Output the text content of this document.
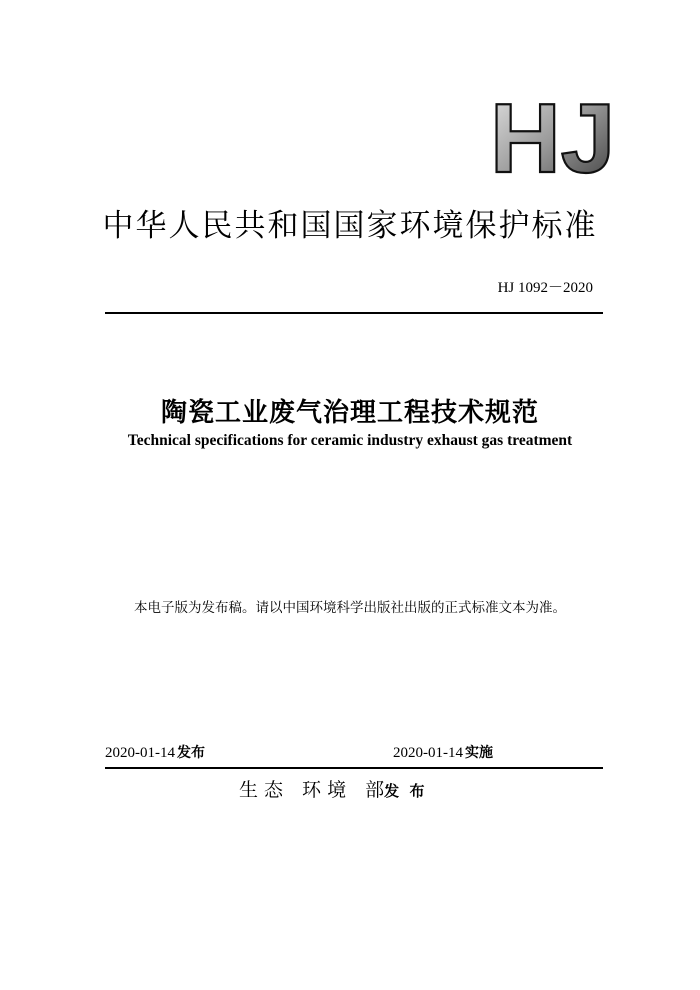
HJ
中华人民共和国国家环境保护标准
HJ 1092－2020
陶瓷工业废气治理工程技术规范
Technical specifications for ceramic industry exhaust gas treatment
本电子版为发布稿。请以中国环境科学出版社出版的正式标准文本为准。
2020-01-14 发布	2020-01-14 实施
生 态　环 境　部发  布
